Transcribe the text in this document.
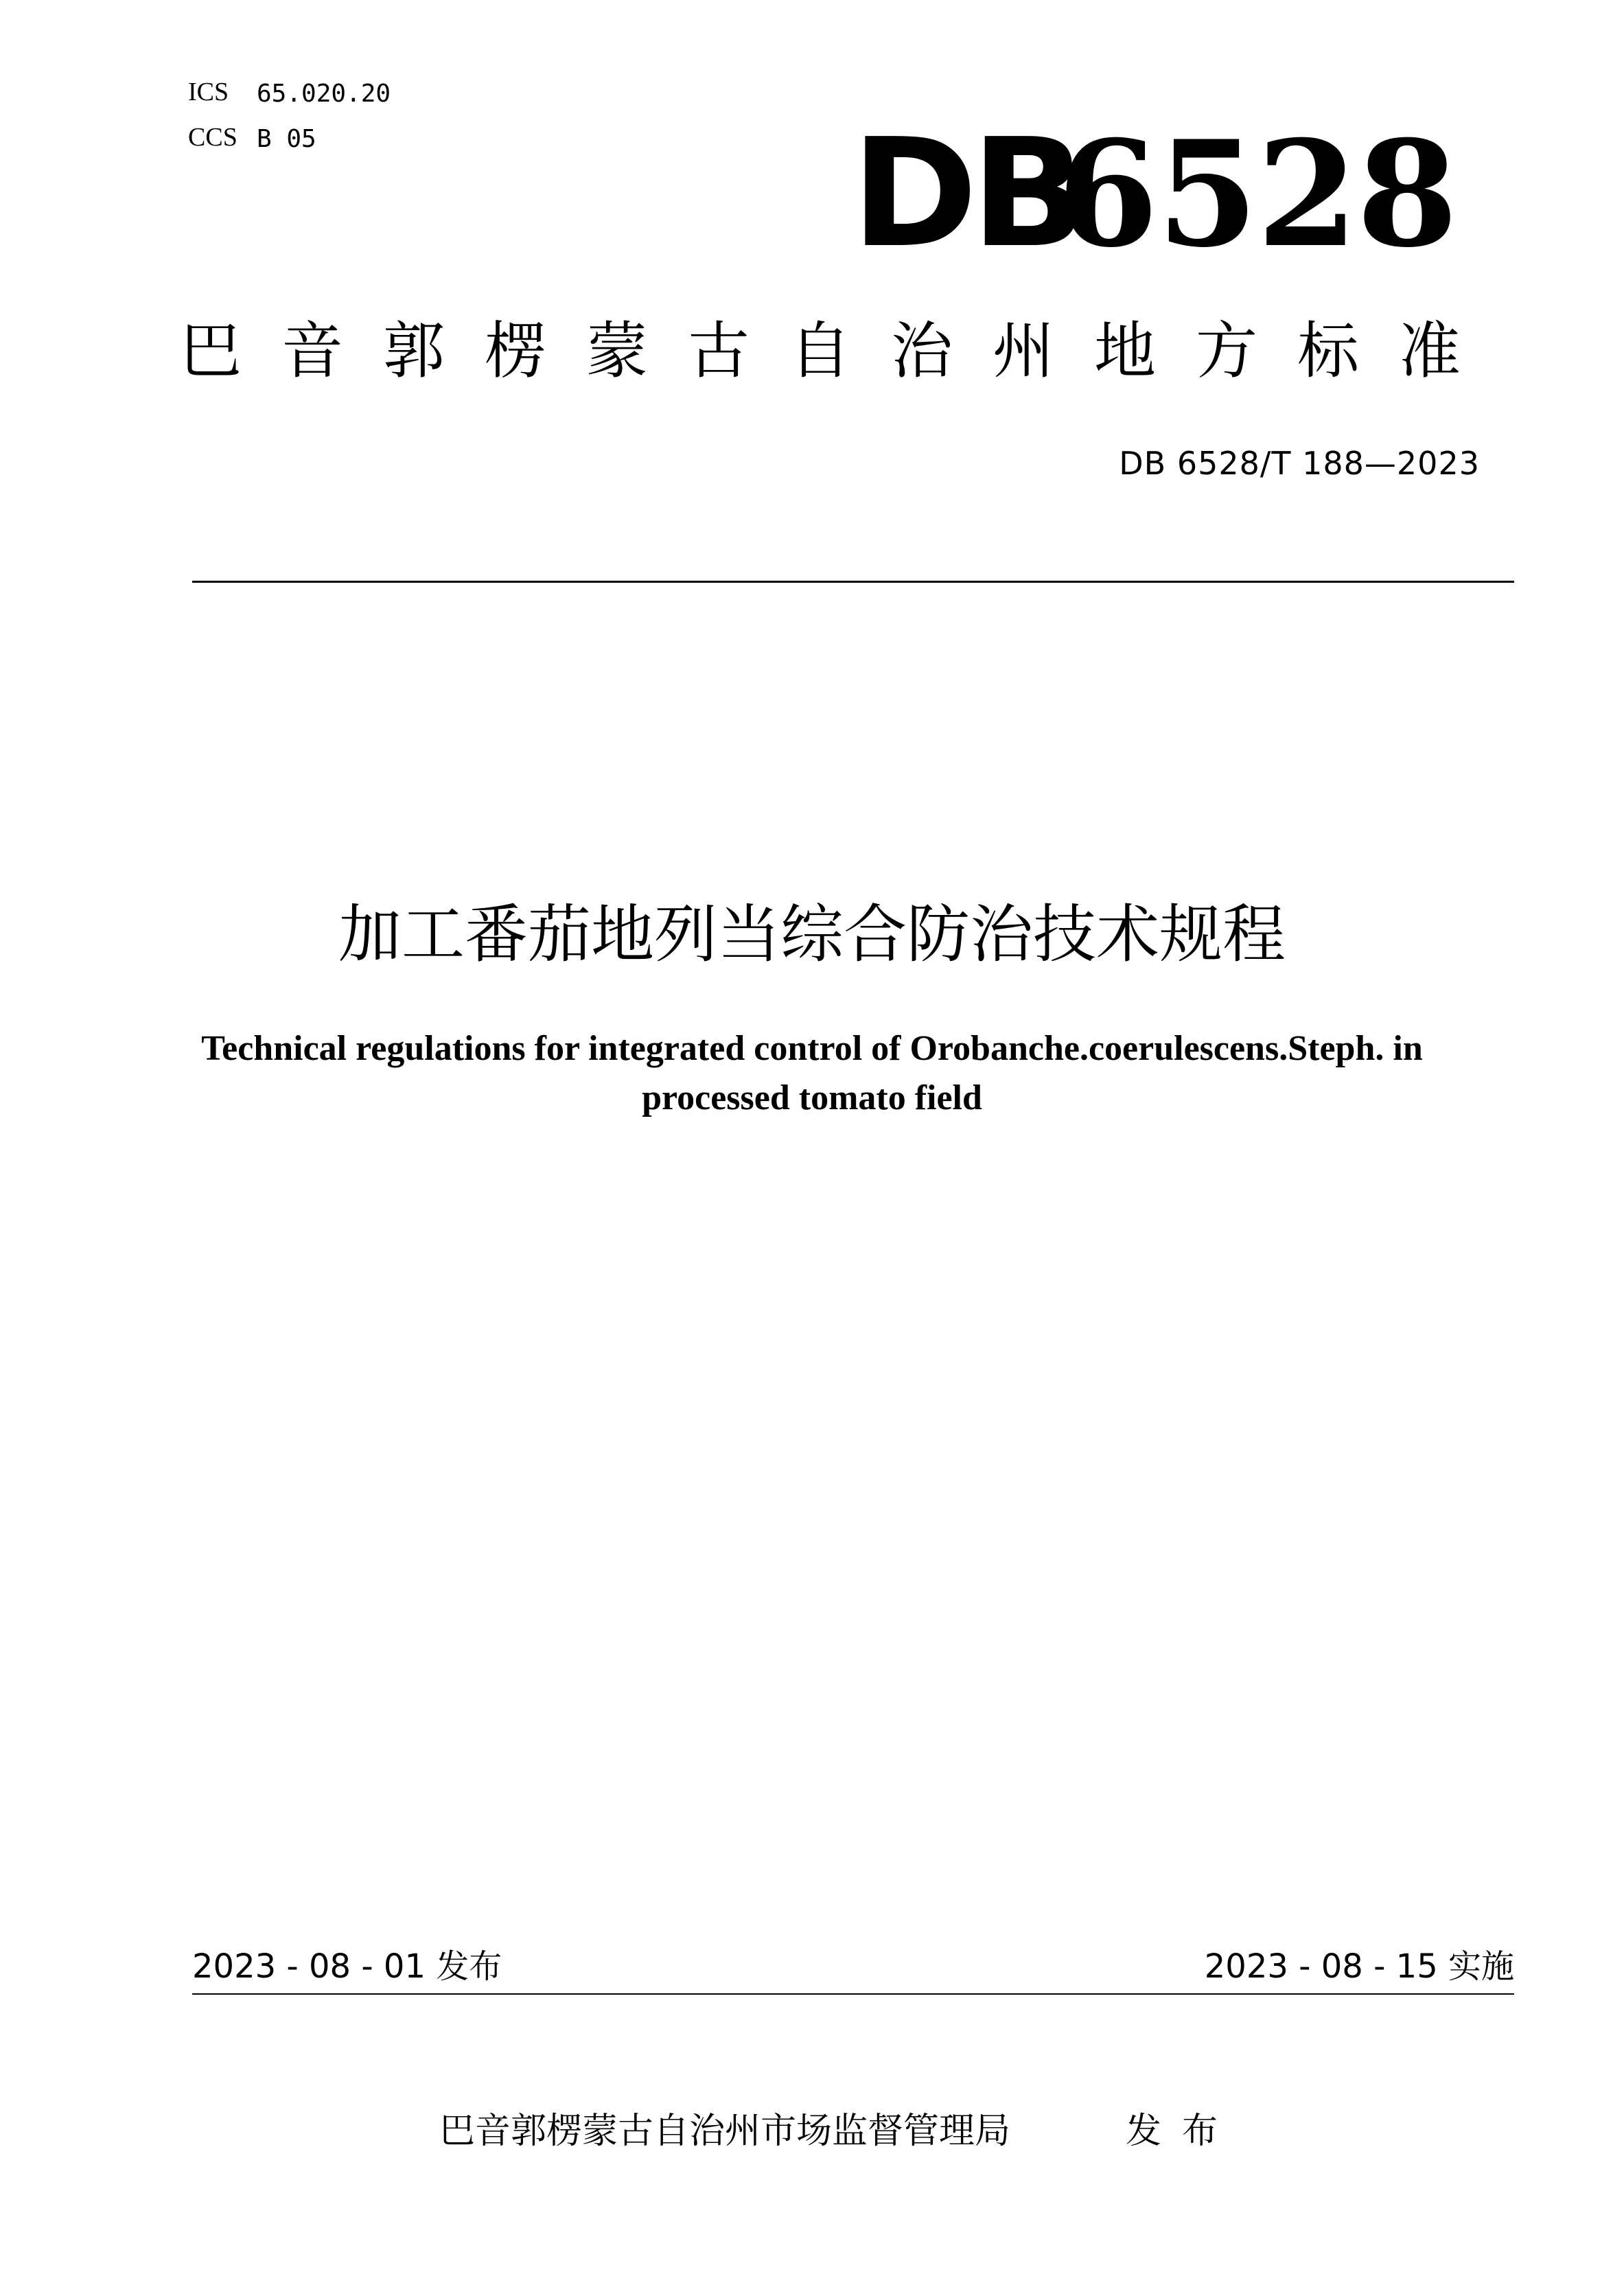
ICS 65.020.20
CCS B 05	DB
6528
巴音郭楞蒙古自治州地方标准
DB 6528/T 188—2023
加工番茄地列当综合防治技术规程
Technical regulations for integrated control of Orobanche.coerulescens.Steph. in
processed tomato field
2023 - 08 - 01 发布	2023 - 08 - 15 实施
巴音郭楞蒙古自治州市场监督管理局	发布
